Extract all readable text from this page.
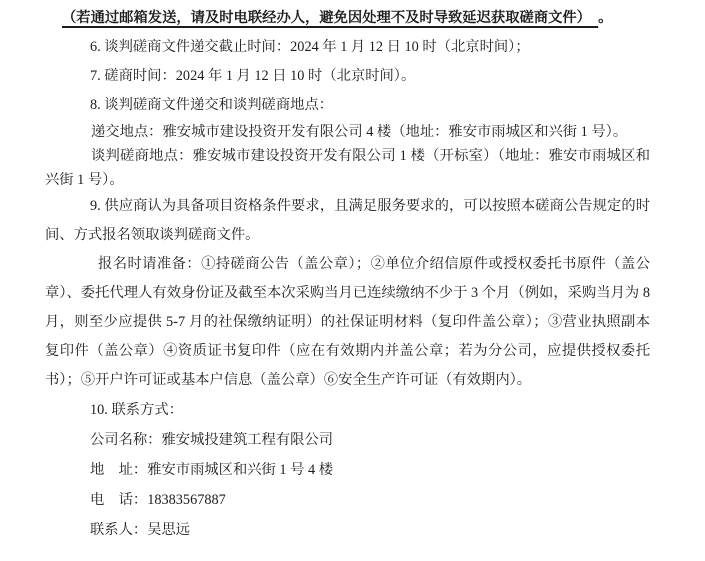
（若通过邮箱发送，请及时电联经办人，避免因处理不及时导致延迟获取磋商文件）　。

6. 谈判磋商文件递交截止时间：2024 年 1 月 12 日 10 时（北京时间）；

7. 磋商时间：2024 年 1 月 12 日 10 时（北京时间）。

8. 谈判磋商文件递交和谈判磋商地点：

递交地点：雅安城市建设投资开发有限公司 4 楼（地址：雅安市雨城区和兴街 1 号）。

谈判磋商地点：雅安城市建设投资开发有限公司 1 楼（开标室）（地址：雅安市雨城区和兴街 1 号）。

9. 供应商认为具备项目资格条件要求，且满足服务要求的，可以按照本磋商公告规定的时间、方式报名领取谈判磋商文件。

报名时请准备：①持磋商公告（盖公章）；②单位介绍信原件或授权委托书原件（盖公章）、委托代理人有效身份证及截至本次采购当月已连续缴纳不少于 3 个月（例如，采购当月为 8 月，则至少应提供 5-7 月的社保缴纳证明）的社保证明材料（复印件盖公章）；③营业执照副本复印件（盖公章）④资质证书复印件（应在有效期内并盖公章；若为分公司，应提供授权委托书）；⑤开户许可证或基本户信息（盖公章）⑥安全生产许可证（有效期内）。

10. 联系方式：

公司名称：雅安城投建筑工程有限公司

地　址：雅安市雨城区和兴街 1 号 4 楼

电　话：18383567887

联系人：吴思远
